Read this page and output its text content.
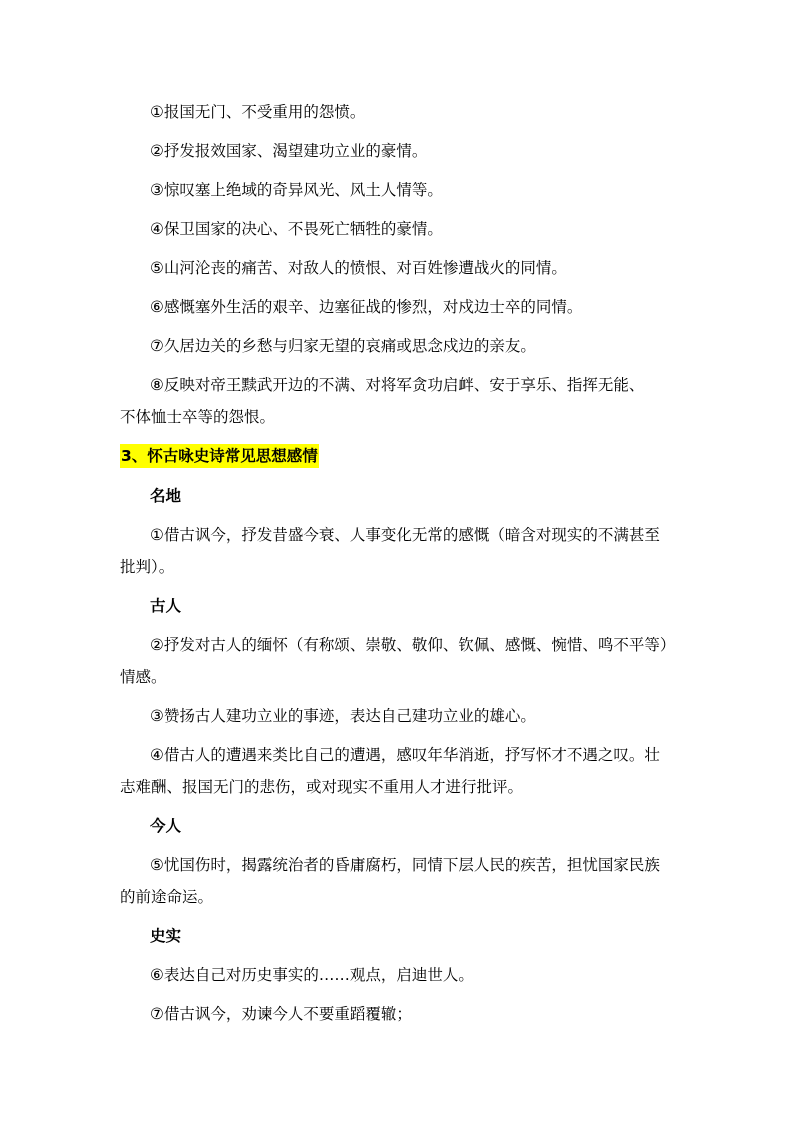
①报国无门、不受重用的怨愤。
②抒发报效国家、渴望建功立业的豪情。
③惊叹塞上绝域的奇异风光、风土人情等。
④保卫国家的决心、不畏死亡牺牲的豪情。
⑤山河沦丧的痛苦、对敌人的愤恨、对百姓惨遭战火的同情。
⑥感慨塞外生活的艰辛、边塞征战的惨烈，对戍边士卒的同情。
⑦久居边关的乡愁与归家无望的哀痛或思念戍边的亲友。
⑧反映对帝王黩武开边的不满、对将军贪功启衅、安于享乐、指挥无能、
不体恤士卒等的怨恨。
3、怀古咏史诗常见思想感情
名地
①借古讽今，抒发昔盛今衰、人事变化无常的感慨（暗含对现实的不满甚至
批判）。
古人
②抒发对古人的缅怀（有称颂、崇敬、敬仰、钦佩、感慨、惋惜、鸣不平等）
情感。
③赞扬古人建功立业的事迹，表达自己建功立业的雄心。
④借古人的遭遇来类比自己的遭遇，感叹年华消逝，抒写怀才不遇之叹。壮
志难酬、报国无门的悲伤，或对现实不重用人才进行批评。
今人
⑤忧国伤时，揭露统治者的昏庸腐朽，同情下层人民的疾苦，担忧国家民族
的前途命运。
史实
⑥表达自己对历史事实的……观点，启迪世人。
⑦借古讽今，劝谏今人不要重蹈覆辙；
